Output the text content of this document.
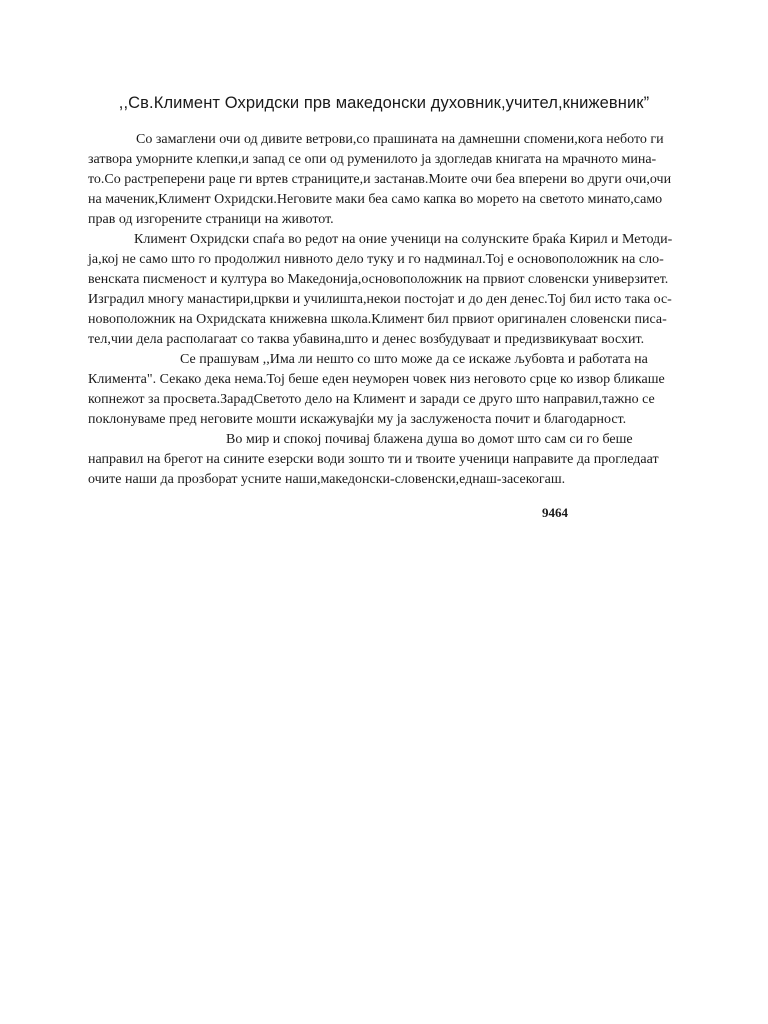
,,Св.Климент Охридски прв македонски духовник,учител,книжевник”
Со замаглени очи од дивите ветрови,со прашината на дамнешни спомени,кога небото ги
затвора уморните клепки,и запад се опи од руменилото ја здогледав книгата на мрачното мина-
то.Со растреперени раце ги вртев страниците,и застанав.Моите очи беа вперени во други очи,очи
на маченик,Климент Охридски.Неговите маки беа само капка во морето на светото минато,само
прав од изгорените страници на животот.
Климент Охридски спаѓа во редот на оние ученици на солунските браќа Кирил и Методи-
ја,кој не само што го продолжил нивното дело туку и го надминал.Тој е основоположник на сло-
венската писменост и култура во Македонија,основоположник на првиот словенски универзитет.
Изградил многу манастири,цркви и училишта,некои постојат и до ден денес.Тој бил исто така ос-
новоположник на Охридската книжевна школа.Климент бил првиот оригинален словенски писа-
тел,чии дела располагаат со таква убавина,што и денес возбудуваат и предизвикуваат восхит.
Се прашувам ,,Има ли нешто со што може да се искаже љубовта и работата на
Климента". Секако дека нема.Тој беше еден неуморен човек низ неговото срце ко извор бликаше
копнежот за просвета.ЗарадСветото дело на Климент и заради се друго што направил,тажно се
поклонуваме пред неговите мошти искажувајќи му ја заслуженоста почит и благодарност.
Во мир и спокој почивај блажена душа во домот што сам си го беше
направил на брегот на сините езерски води зошто ти и твоите ученици направите да прогледаат
очите наши да прозборат усните наши,македонски-словенски,еднаш-засекогаш.
9464
